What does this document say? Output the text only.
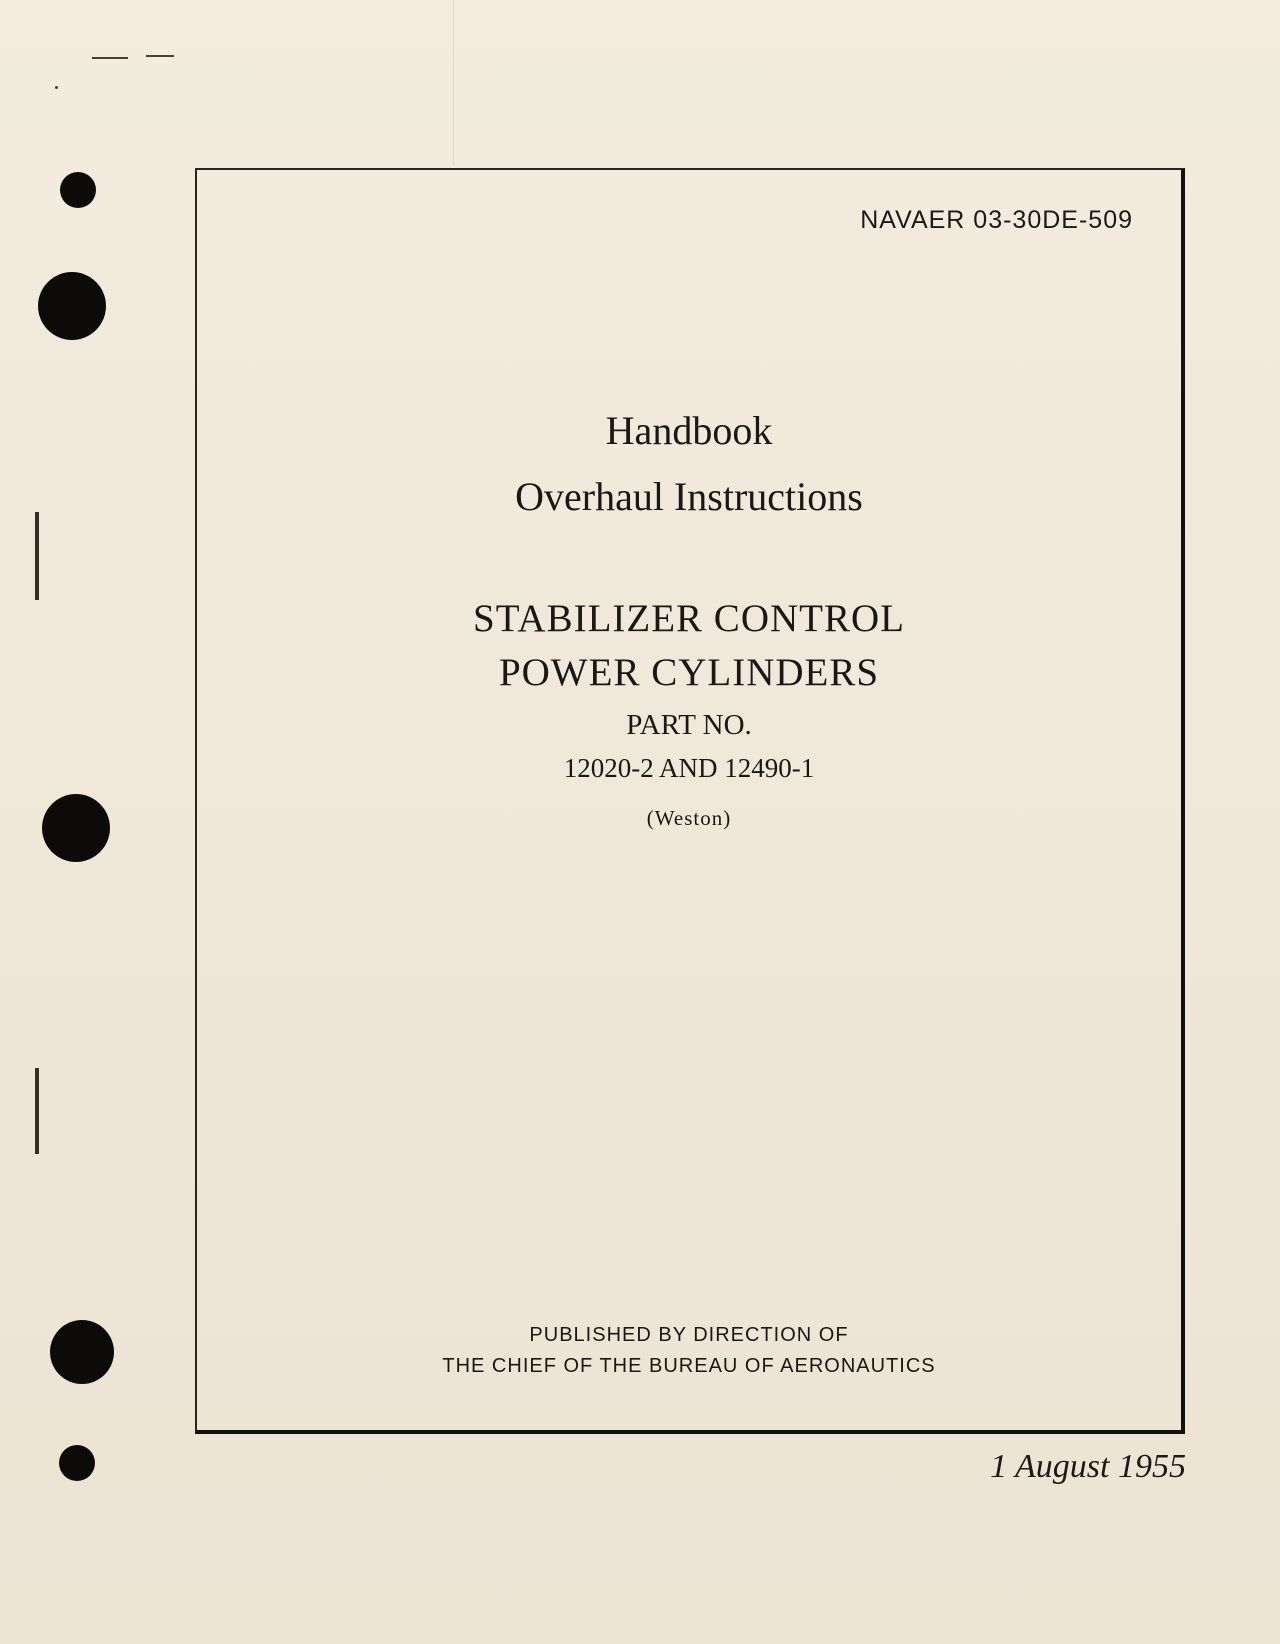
NAVAER 03-30DE-509
Handbook
Overhaul Instructions
STABILIZER CONTROL
POWER CYLINDERS
PART NO.
12020-2 AND 12490-1
(Weston)
PUBLISHED BY DIRECTION OF
THE CHIEF OF THE BUREAU OF AERONAUTICS
1 August 1955
